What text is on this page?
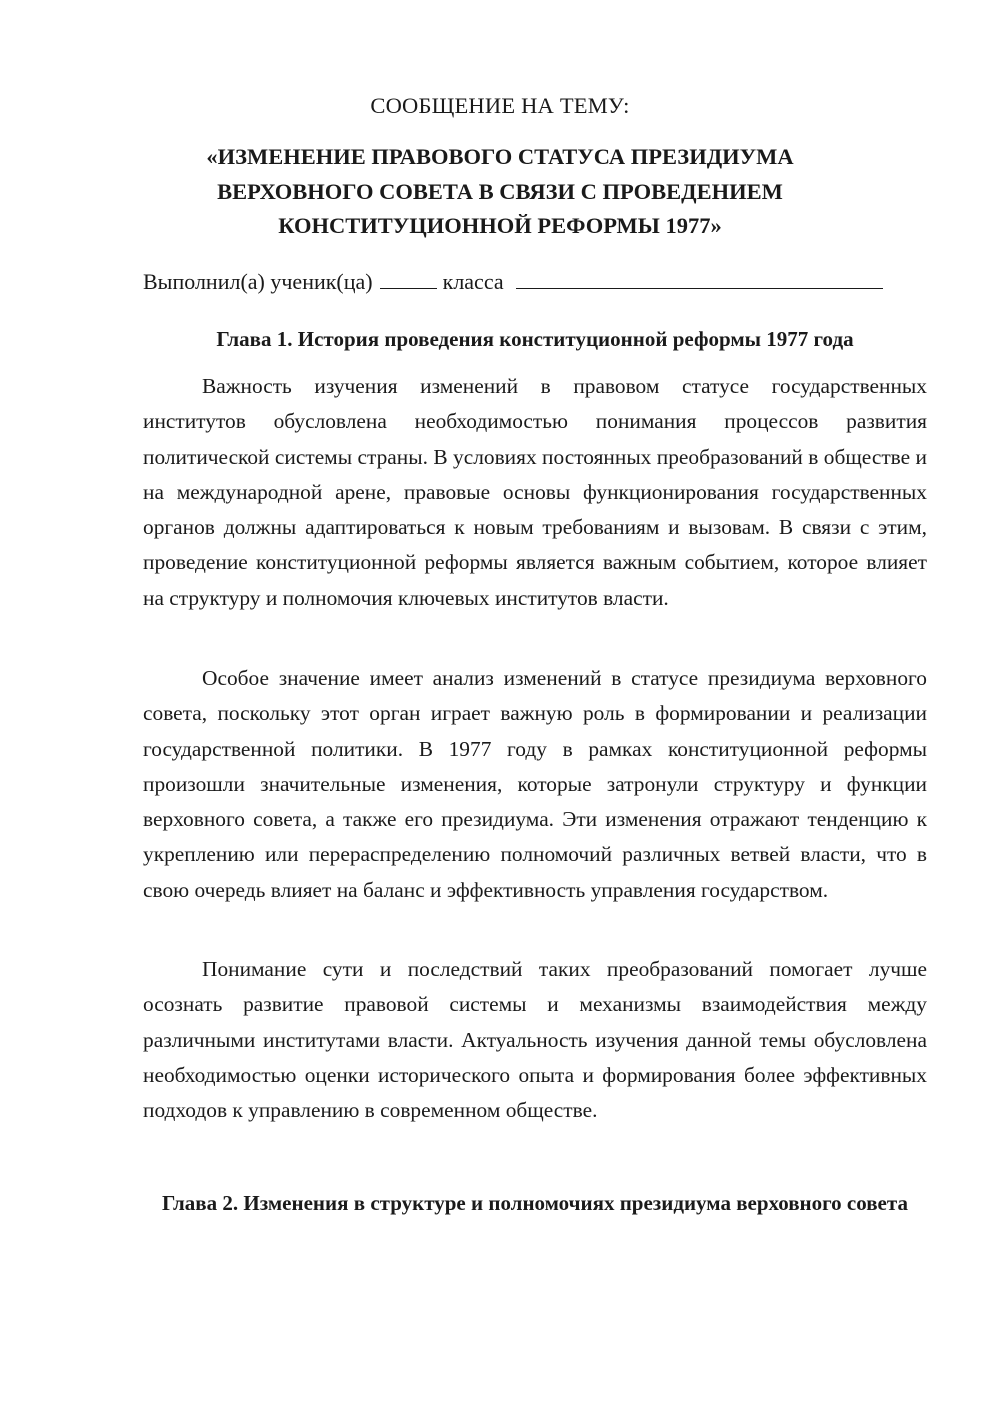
СООБЩЕНИЕ НА ТЕМУ:
«ИЗМЕНЕНИЕ ПРАВОВОГО СТАТУСА ПРЕЗИДИУМА
ВЕРХОВНОГО СОВЕТА В СВЯЗИ С ПРОВЕДЕНИЕМ
КОНСТИТУЦИОННОЙ РЕФОРМЫ 1977»
Выполнил(а) ученик(ца)	класса
Глава 1. История проведения конституционной реформы 1977 года

Важность изучения изменений в правовом статусе государственных институтов обусловлена необходимостью понимания процессов развития политической системы страны. В условиях постоянных преобразований в обществе и на международной арене, правовые основы функционирования государственных органов должны адаптироваться к новым требованиям и вызовам. В связи с этим, проведение конституционной реформы является важным событием, которое влияет на структуру и полномочия ключевых институтов власти.

Особое значение имеет анализ изменений в статусе президиума верховного совета, поскольку этот орган играет важную роль в формировании и реализации государственной политики. В 1977 году в рамках конституционной реформы произошли значительные изменения, которые затронули структуру и функции верховного совета, а также его президиума. Эти изменения отражают тенденцию к укреплению или перераспределению полномочий различных ветвей власти, что в свою очередь влияет на баланс и эффективность управления государством.

Понимание сути и последствий таких преобразований помогает лучше осознать развитие правовой системы и механизмы взаимодействия между различными институтами власти. Актуальность изучения данной темы обусловлена необходимостью оценки исторического опыта и формирования более эффективных подходов к управлению в современном обществе.

Глава 2. Изменения в структуре и полномочиях президиума верховного совета
